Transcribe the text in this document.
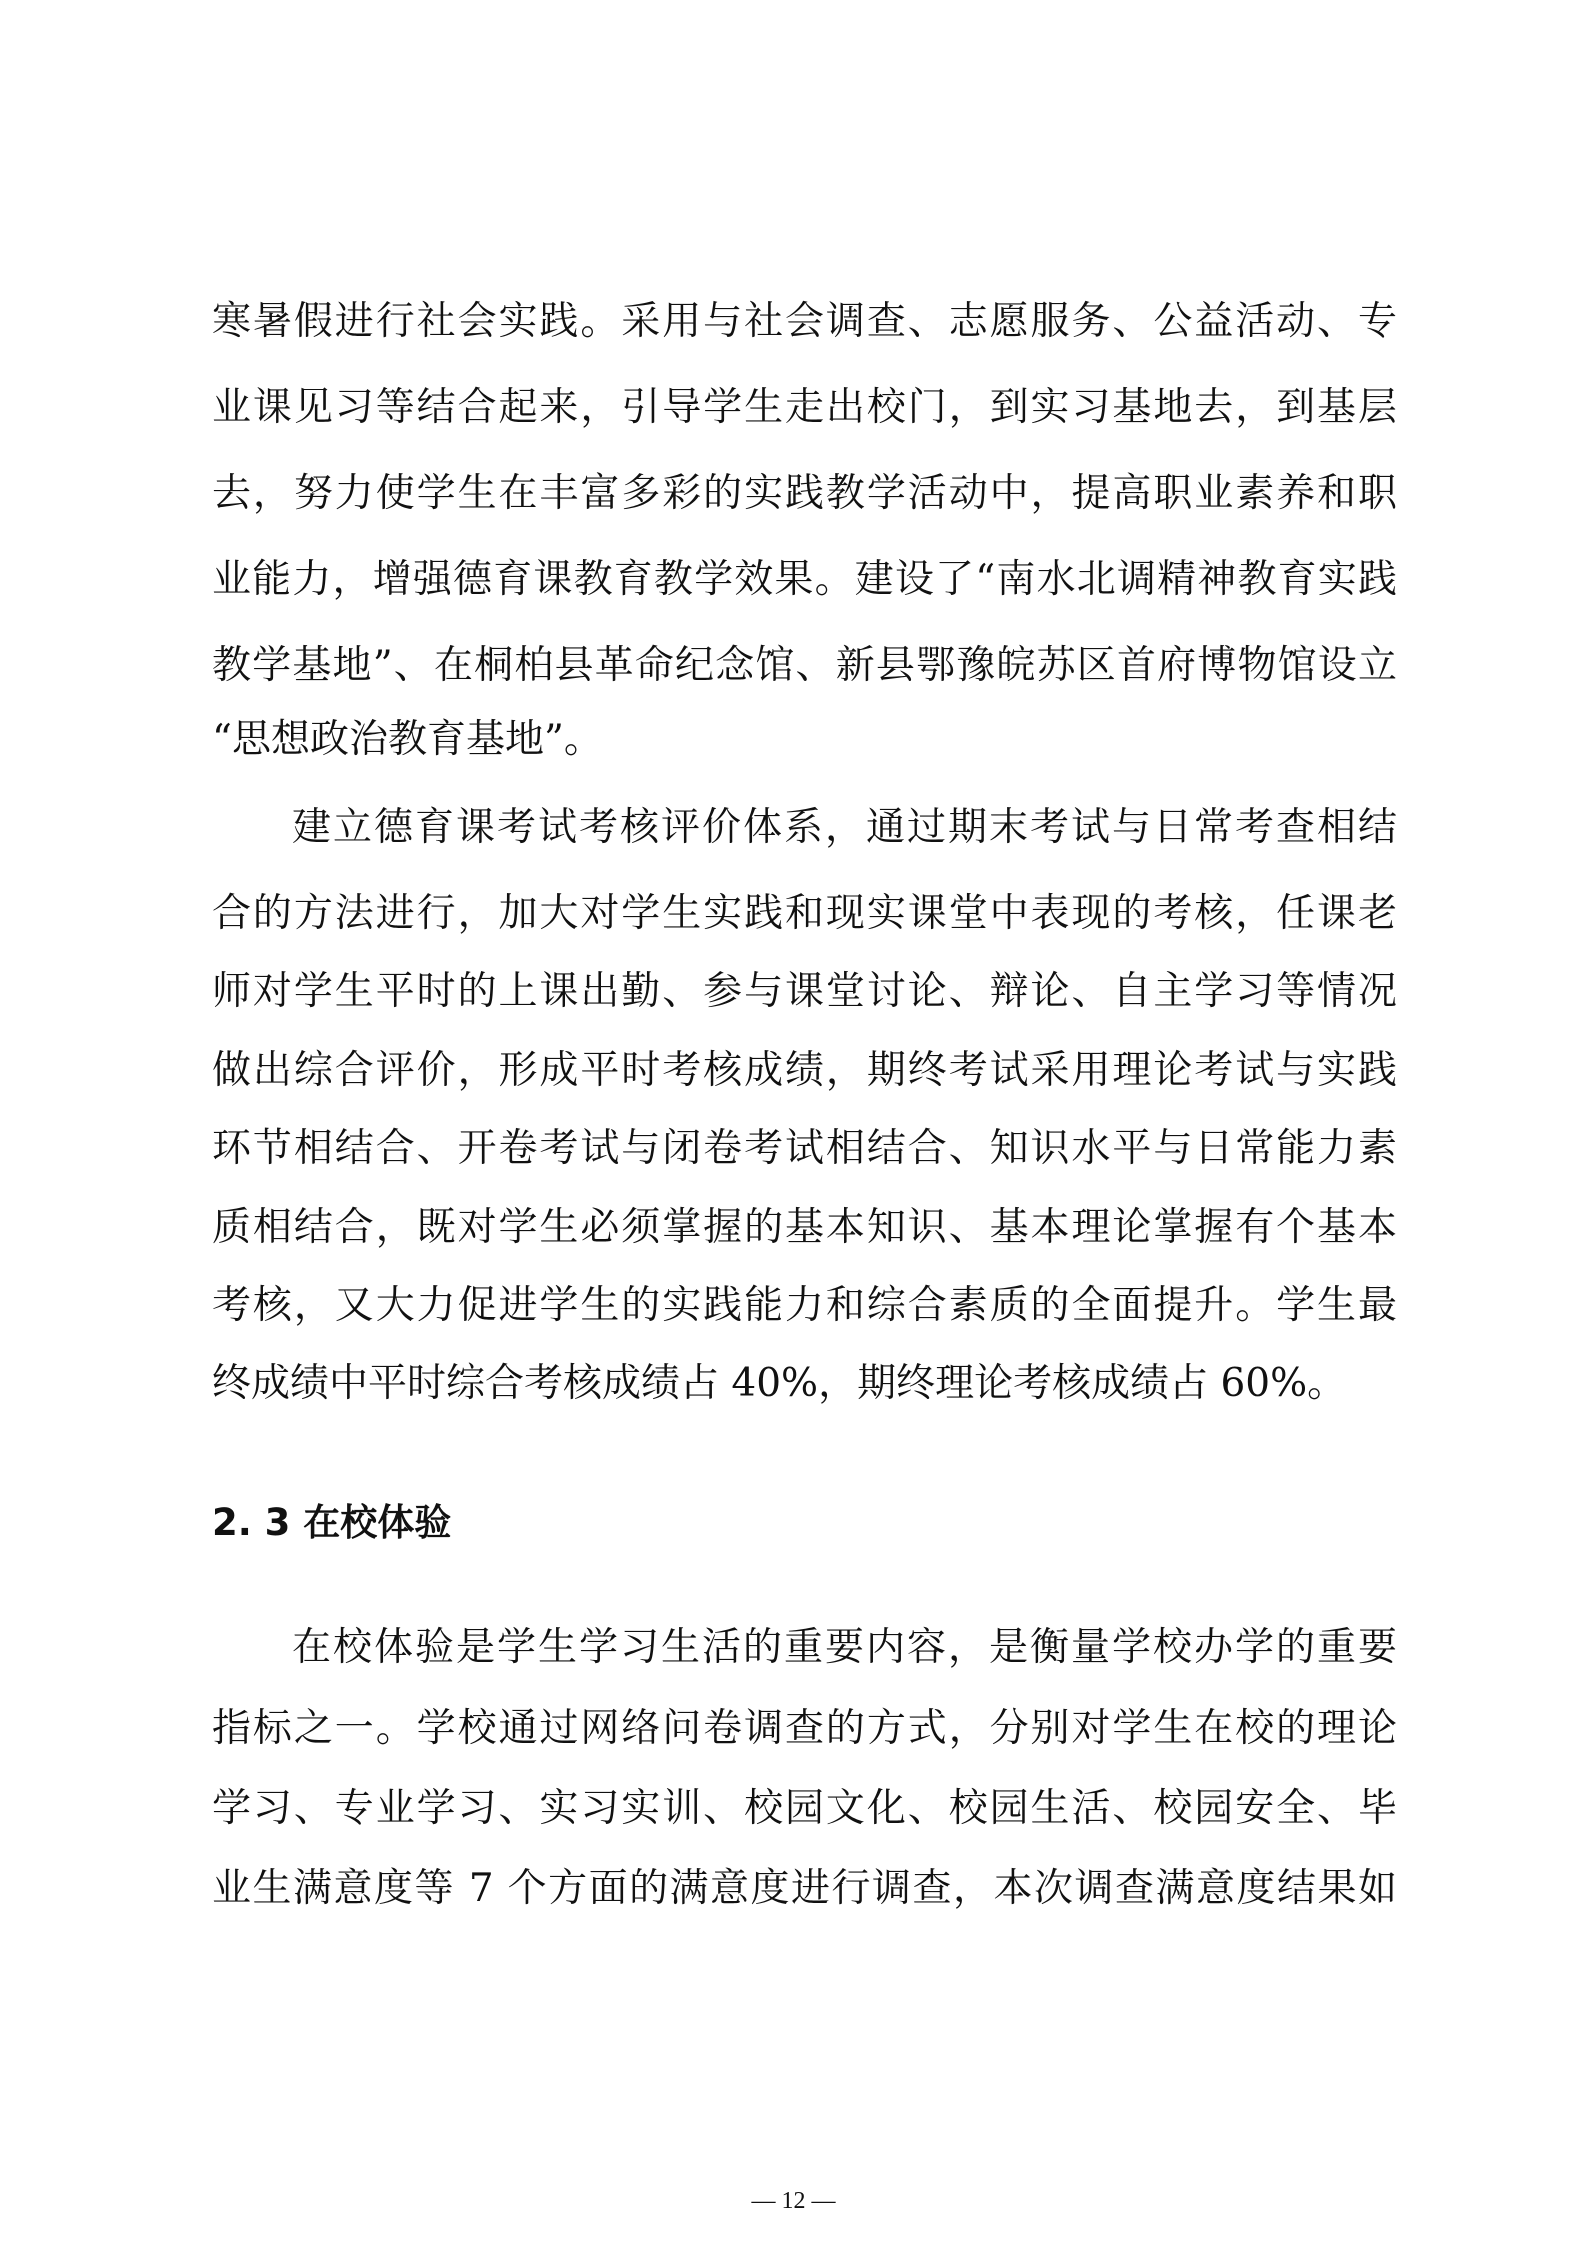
寒暑假进行社会实践。采用与社会调查、志愿服务、公益活动、专
业课见习等结合起来，引导学生走出校门，到实习基地去，到基层
去，努力使学生在丰富多彩的实践教学活动中，提高职业素养和职
业能力，增强德育课教育教学效果。建设了“南水北调精神教育实践
教学基地”、在桐柏县革命纪念馆、新县鄂豫皖苏区首府博物馆设立
“思想政治教育基地”。
建立德育课考试考核评价体系，通过期末考试与日常考查相结
合的方法进行，加大对学生实践和现实课堂中表现的考核，任课老
师对学生平时的上课出勤、参与课堂讨论、辩论、自主学习等情况
做出综合评价，形成平时考核成绩，期终考试采用理论考试与实践
环节相结合、开卷考试与闭卷考试相结合、知识水平与日常能力素
质相结合，既对学生必须掌握的基本知识、基本理论掌握有个基本
考核，又大力促进学生的实践能力和综合素质的全面提升。学生最
终成绩中平时综合考核成绩占 40%，期终理论考核成绩占 60%。
2. 3 在校体验
在校体验是学生学习生活的重要内容，是衡量学校办学的重要
指标之一。学校通过网络问卷调查的方式，分别对学生在校的理论
学习、专业学习、实习实训、校园文化、校园生活、校园安全、毕
业生满意度等 7 个方面的满意度进行调查，本次调查满意度结果如
— 12 —
